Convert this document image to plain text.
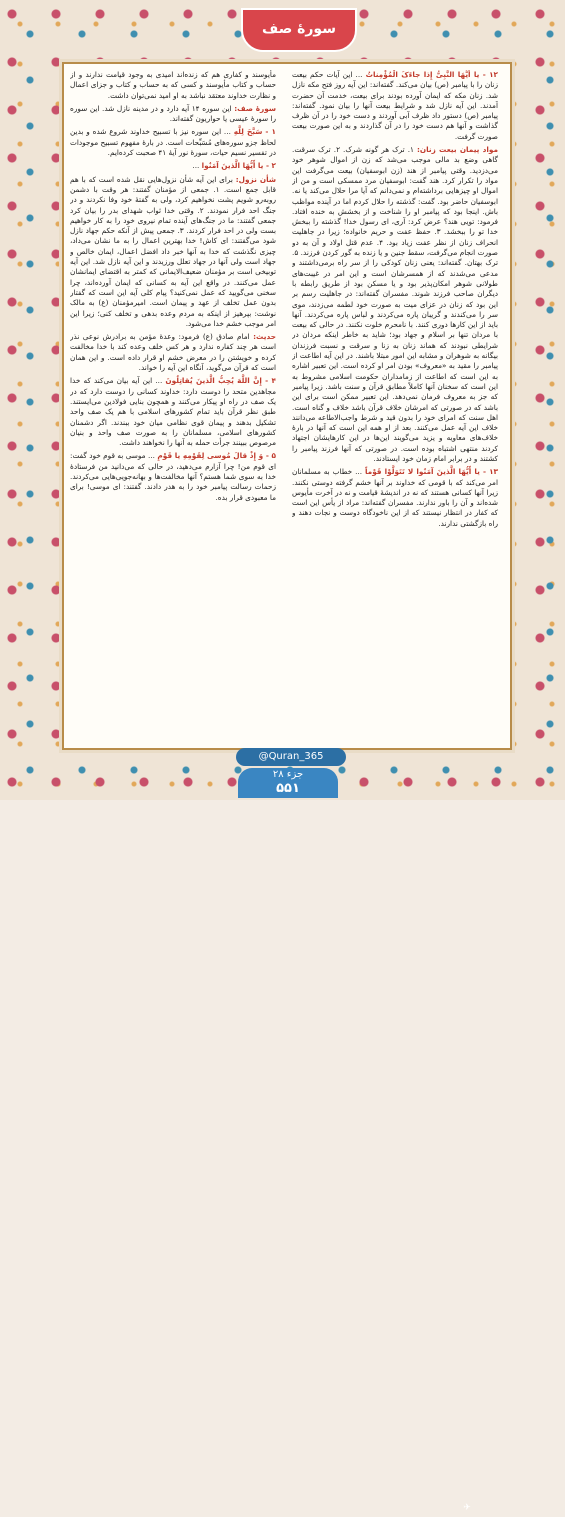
سورهٔ صف

۱۲ - یا أَیُّهَا النَّبِیُّ إِذا جاءَکَ الْمُؤْمِناتُ ... این آیات حکم بیعت زنان را با پیامبر (ص) بیان می‌کند. گفته‌اند: این آیه روز فتح مکه نازل شد. زنان مکه که ایمان آورده بودند برای بیعت، خدمت آن حضرت آمدند. این آیه نازل شد و شرایط بیعت آنها را بیان نمود. گفته‌اند: پیامبر (ص) دستور داد ظرف آبی آوردند و دست خود را در آن ظرف گذاشت و آنها هم دست خود را در آن گذاردند و به این صورت بیعت صورت گرفت.

مواد پیمان بیعت زنان: ۱. ترک هر گونه شرک. ۲. ترک سرقت. گاهی وضع بد مالی موجب می‌شد که زن از اموال شوهر خود می‌دزدید. وقتی پیامبر از هند (زن ابوسفیان) بیعت می‌گرفت این مواد را تکرار کرد. هند گفت: ابوسفیان مرد ممسکی است و من از اموال او چیزهایی برداشته‌ام و نمی‌دانم که آیا مرا حلال می‌کند یا نه. ابوسفیان حاضر بود. گفت: گذشته را حلال کردم اما در آینده مواظب باش. اینجا بود که پیامبر او را شناخت و از بخشش به خنده افتاد. فرمود: تویی هند؟ عرض کرد: آری، ای رسول خدا! گذشته را ببخش خدا تو را ببخشد. ۳. حفظ عفت و حریم خانواده؛ زیرا در جاهلیت انحراف زنان از نظر عفت زیاد بود. ۴. عدم قتل اولاد و آن به دو صورت انجام می‌گرفت، سقط جنین و یا زنده به گور کردن فرزند. ۵. ترک بهتان. گفته‌اند: یعنی زنان کودکی را از سر راه برمی‌داشتند و مدعی می‌شدند که از همسرشان است و این امر در غیبت‌های طولانی شوهر امکان‌پذیر بود و یا مسکن بود از طریق رابطه با دیگران صاحب فرزند شوند. مفسران گفته‌اند: در جاهلیت رسم بر این بود که زنان در عزای میت به صورت خود لطمه می‌زدند، موی سر را می‌کندند و گریبان پاره می‌کردند و لباس پاره می‌کردند. آنها باید از این کارها دوری کنند. با نامحرم خلوت نکنند. در حالی که بیعت با مردان تنها بر اسلام و جهاد بود؛ شاید به خاطر اینکه مردان در شرایطی نبودند که هماند زنان به زنا و سرقت و نسبت فرزندان بیگانه به شوهران و مشابه این امور مبتلا باشند. در این آیه اطاعت از پیامبر را مقید به «معروف» بودن امر او کرده است. این تعبیر اشاره به این است که اطاعت از زمامداران حکومت اسلامی مشروط به این است که سخنان آنها کاملاً مطابق قرآن و سنت باشد. زیرا پیامبر که جز به معروف فرمان نمی‌دهد. این تعبیر ممکن است برای این باشد که در صورتی که امرشان خلاف قرآن باشد خلاف و گناه است. اهل سنت که امرای خود را بدون قید و شرط واجب‌الاطاعه می‌دانند خلاف این آیه عمل می‌کنند. بعد از او همه این است که آنها در بارهٔ خلاف‌های معاویه و یزید می‌گویند این‌ها در این کارهایشان اجتهاد کردند منتهی اشتباه بوده است. در صورتی که آنها فرزند پیامبر را کشتند و در برابر امام زمان خود ایستادند.

۱۳ - یا أَیُّهَا الَّذینَ آمَنُوا لا تَتَوَلَّوْا قَوْماً ... خطاب به مسلمانان امر می‌کند که با قومی که خداوند بر آنها خشم گرفته دوستی نکنند. زیرا آنها کسانی هستند که نه در اندیشهٔ قیامت و نه در آخرت مأیوس شده‌اند و آن را باور ندارند. مفسران گفته‌اند: مراد از یأس این است که کفار در انتظار نیستند که از این ناخودگاه دوست و نجات دهند و راه بازگشتی ندارند.

مأیوسند و کفاری هم که زنده‌اند امیدی به وجود قیامت ندارند و از حساب و کتاب مأیوسند و کسی که به حساب و کتاب و جزای اعمال و نظارت خداوند معتقد نباشد به او امید نمی‌توان داشت.

سورهٔ صف: این سوره ۱۴ آیه دارد و در مدینه نازل شد. این سوره را سورهٔ عیسی یا حواریون گفته‌اند.

۱ - سَبَّحَ لِلَّهِ ... این سوره نیز با تسبیح خداوند شروع شده و بدین لحاظ جزو سوره‌های مُسَبِّحات است. در بارهٔ مفهوم تسبیح موجودات در تفسیر نسیم حیات، سورهٔ نور آیهٔ ۴۱ صحبت کرده‌ایم.

۲ - یا أَیُّهَا الَّذینَ آمَنُوا ...

شأن نزول: برای این آیه شأن نزول‌هایی نقل شده است که با هم قابل جمع است. ۱. جمعی از مؤمنان گفتند: هر وقت با دشمن روبه‌رو شویم پشت نخواهیم کرد، ولی به گفتهٔ خود وفا نکردند و در جنگ احد فرار نمودند. ۲. وقتی خدا ثواب شهدای بدر را بیان کرد جمعی گفتند: ما در جنگ‌های آینده تمام نیروی خود را به کار خواهیم بست ولی در احد فرار کردند. ۳. جمعی پیش از آنکه حکم جهاد نازل شود می‌گفتند: ای کاش! خدا بهترین اعمال را به ما نشان می‌داد، چیزی نگذشت که خدا به آنها خبر داد افضل اعمال، ایمان خالص و جهاد است ولی آنها در جهاد تعلل ورزیدند و این آیه نازل شد. این آیه توبیخی است بر مؤمنان ضعیف‌الایمانی که کمتر به اقتضای ایمانشان عمل می‌کنند. در واقع این آیه به کسانی که ایمان آورده‌اند، چرا سخنی می‌گویید که عمل نمی‌کنید؟ پیام کلی آیه این است که گفتار بدون عمل تخلف از عهد و پیمان است. امیرمؤمنان (ع) به مالک نوشت: بپرهیز از اینکه به مردم وعده بدهی و تخلف کنی؛ زیرا این امر موجب خشم خدا می‌شود.

حدیث: امام صادق (ع) فرمود: وعدهٔ مؤمن به برادرش نوعی نذر است هر چند کفاره ندارد و هر کس خلف وعده کند با خدا مخالفت کرده و خویشتن را در معرض خشم او قرار داده است. و این همان است که قرآن می‌گوید، آنگاه این آیه را خواند.

۴ - إِنَّ اللَّهَ یُحِبُّ الَّذینَ یُقاتِلُونَ ... این آیه بیان می‌کند که خدا مجاهدین متحد را دوست دارد: خداوند کسانی را دوست دارد که در یک صف در راه او پیکار می‌کنند و همچون بنایی فولادین می‌ایستند. طبق نظر قرآن باید تمام کشورهای اسلامی با هم یک صف واحد تشکیل بدهند و پیمان قوی نظامی میان خود ببندند. اگر دشمنان کشورهای اسلامی، مسلمانان را به صورت صف واحد و بنیان مرصوص ببینند جرأت حمله به آنها را نخواهند داشت.

۵ - وَ إِذْ قالَ مُوسی لِقَوْمِهِ یا قَوْمِ ... موسی به قوم خود گفت: ای قوم من! چرا آزارم می‌دهید، در حالی که می‌دانید من فرستادهٔ خدا به سوی شما هستم؟ آنها مخالفت‌ها و بهانه‌جویی‌هایی می‌کردند. زحمات رسالت پیامبر خود را به هدر دادند. گفتند: ای موسی! برای ما معبودی قرار بده.

✈
@Quran_365
جزء ۲۸
۵۵۱
